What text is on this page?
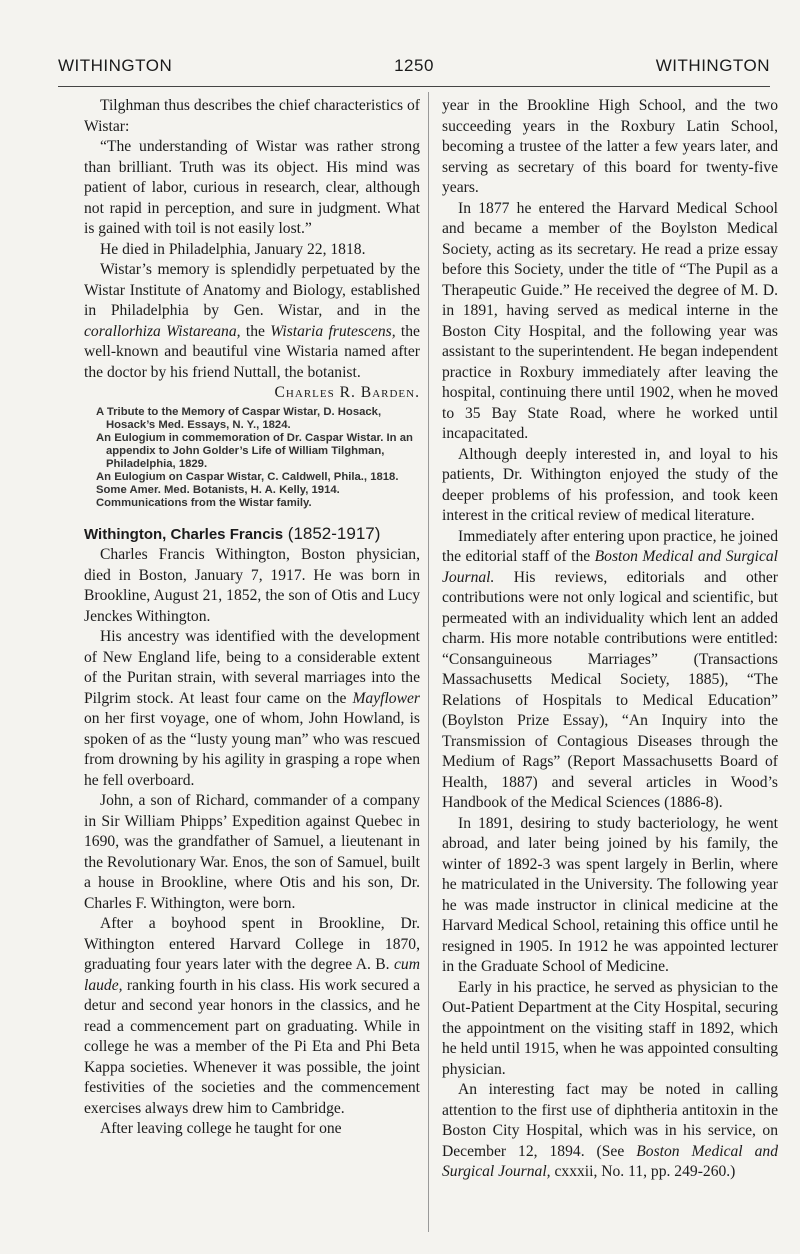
WITHINGTON	1250	WITHINGTON

Tilghman thus describes the chief characteristics of Wistar:

“The understanding of Wistar was rather strong than brilliant. Truth was its object. His mind was patient of labor, curious in research, clear, although not rapid in perception, and sure in judgment. What is gained with toil is not easily lost.”

He died in Philadelphia, January 22, 1818.

Wistar’s memory is splendidly perpetuated by the Wistar Institute of Anatomy and Biology, established in Philadelphia by Gen. Wistar, and in the corallorhiza Wistareana, the Wistaria frutescens, the well-known and beautiful vine Wistaria named after the doctor by his friend Nuttall, the botanist.

Charles R. Barden.

A Tribute to the Memory of Caspar Wistar, D. Hosack, Hosack’s Med. Essays, N. Y., 1824.
An Eulogium in commemoration of Dr. Caspar Wistar. In an appendix to John Golder’s Life of William Tilghman, Philadelphia, 1829.
An Eulogium on Caspar Wistar, C. Caldwell, Phila., 1818.
Some Amer. Med. Botanists, H. A. Kelly, 1914.
Communications from the Wistar family.

Withington, Charles Francis (1852-1917)

Charles Francis Withington, Boston physician, died in Boston, January 7, 1917. He was born in Brookline, August 21, 1852, the son of Otis and Lucy Jenckes Withington.

His ancestry was identified with the development of New England life, being to a considerable extent of the Puritan strain, with several marriages into the Pilgrim stock. At least four came on the Mayflower on her first voyage, one of whom, John Howland, is spoken of as the “lusty young man” who was rescued from drowning by his agility in grasping a rope when he fell overboard.

John, a son of Richard, commander of a company in Sir William Phipps’ Expedition against Quebec in 1690, was the grandfather of Samuel, a lieutenant in the Revolutionary War. Enos, the son of Samuel, built a house in Brookline, where Otis and his son, Dr. Charles F. Withington, were born.

After a boyhood spent in Brookline, Dr. Withington entered Harvard College in 1870, graduating four years later with the degree A. B. cum laude, ranking fourth in his class. His work secured a detur and second year honors in the classics, and he read a commencement part on graduating. While in college he was a member of the Pi Eta and Phi Beta Kappa societies. Whenever it was possible, the joint festivities of the societies and the commencement exercises always drew him to Cambridge.

After leaving college he taught for one

year in the Brookline High School, and the two succeeding years in the Roxbury Latin School, becoming a trustee of the latter a few years later, and serving as secretary of this board for twenty-five years.

In 1877 he entered the Harvard Medical School and became a member of the Boylston Medical Society, acting as its secretary. He read a prize essay before this Society, under the title of “The Pupil as a Therapeutic Guide.” He received the degree of M. D. in 1891, having served as medical interne in the Boston City Hospital, and the following year was assistant to the superintendent. He began independent practice in Roxbury immediately after leaving the hospital, continuing there until 1902, when he moved to 35 Bay State Road, where he worked until incapacitated.

Although deeply interested in, and loyal to his patients, Dr. Withington enjoyed the study of the deeper problems of his profession, and took keen interest in the critical review of medical literature.

Immediately after entering upon practice, he joined the editorial staff of the Boston Medical and Surgical Journal. His reviews, editorials and other contributions were not only logical and scientific, but permeated with an individuality which lent an added charm. His more notable contributions were entitled: “Consanguineous Marriages” (Transactions Massachusetts Medical Society, 1885), “The Relations of Hospitals to Medical Education” (Boylston Prize Essay), “An Inquiry into the Transmission of Contagious Diseases through the Medium of Rags” (Report Massachusetts Board of Health, 1887) and several articles in Wood’s Handbook of the Medical Sciences (1886-8).

In 1891, desiring to study bacteriology, he went abroad, and later being joined by his family, the winter of 1892-3 was spent largely in Berlin, where he matriculated in the University. The following year he was made instructor in clinical medicine at the Harvard Medical School, retaining this office until he resigned in 1905. In 1912 he was appointed lecturer in the Graduate School of Medicine.

Early in his practice, he served as physician to the Out-Patient Department at the City Hospital, securing the appointment on the visiting staff in 1892, which he held until 1915, when he was appointed consulting physician.

An interesting fact may be noted in calling attention to the first use of diphtheria antitoxin in the Boston City Hospital, which was in his service, on December 12, 1894. (See Boston Medical and Surgical Journal, cxxxii, No. 11, pp. 249-260.)
